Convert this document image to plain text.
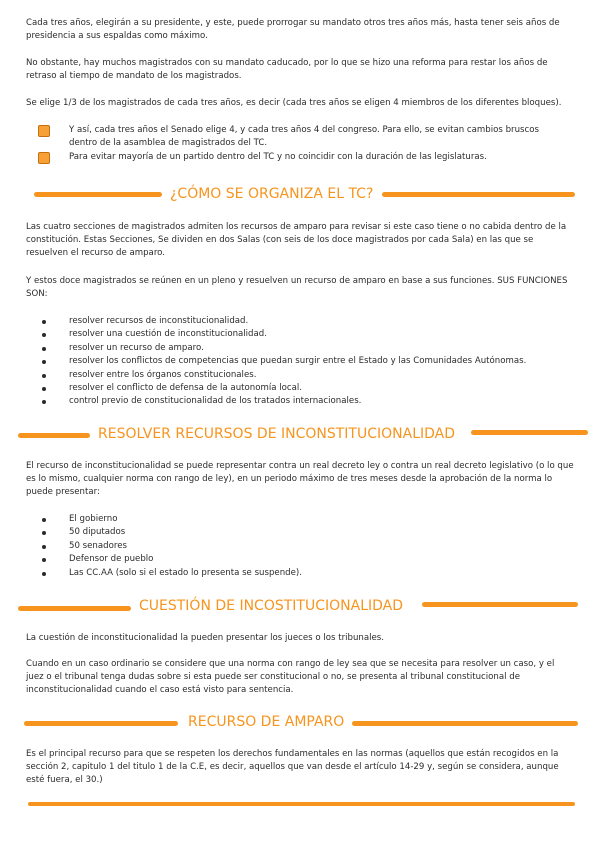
Cada tres años, elegirán a su presidente, y este, puede prorrogar su mandato otros tres años más, hasta tener seis años de presidencia a sus espaldas como máximo.

No obstante, hay muchos magistrados con su mandato caducado, por lo que se hizo una reforma para restar los años de retraso al tiempo de mandato de los magistrados.

Se elige 1/3 de los magistrados de cada tres años, es decir (cada tres años se eligen 4 miembros de los diferentes bloques).

Y así, cada tres años el Senado elige 4, y cada tres años 4 del congreso. Para ello, se evitan cambios bruscos dentro de la asamblea de magistrados del TC.
Para evitar mayoría de un partido dentro del TC y no coincidir con la duración de las legislaturas.
¿CÓMO SE ORGANIZA EL TC?

Las cuatro secciones de magistrados admiten los recursos de amparo para revisar si este caso tiene o no cabida dentro de la constitución. Estas Secciones, Se dividen en dos Salas (con seis de los doce magistrados por cada Sala) en las que se resuelven el recurso de amparo.

Y estos doce magistrados se reúnen en un pleno y resuelven un recurso de amparo en base a sus funciones. SUS FUNCIONES SON:

resolver recursos de inconstitucionalidad.
resolver una cuestión de inconstitucionalidad.
resolver un recurso de amparo.
resolver los conflictos de competencias que puedan surgir entre el Estado y las Comunidades Autónomas.
resolver entre los órganos constitucionales.
resolver el conflicto de defensa de la autonomía local.
control previo de constitucionalidad de los tratados internacionales.
RESOLVER RECURSOS DE INCONSTITUCIONALIDAD

El recurso de inconstitucionalidad se puede representar contra un real decreto ley o contra un real decreto legislativo (o lo que es lo mismo, cualquier norma con rango de ley), en un periodo máximo de tres meses desde la aprobación de la norma lo puede presentar:

El gobierno
50 diputados
50 senadores
Defensor de pueblo
Las CC.AA (solo si el estado lo presenta se suspende).
CUESTIÓN DE INCOSTITUCIONALIDAD

La cuestión de inconstitucionalidad la pueden presentar los jueces o los tribunales.

Cuando en un caso ordinario se considere que una norma con rango de ley sea que se necesita para resolver un caso, y el juez o el tribunal tenga dudas sobre si esta puede ser constitucional o no, se presenta al tribunal constitucional de inconstitucionalidad cuando el caso está visto para sentencia.

RECURSO DE AMPARO

Es el principal recurso para que se respeten los derechos fundamentales en las normas (aquellos que están recogidos en la sección 2, capitulo 1 del titulo 1 de la C.E, es decir, aquellos que van desde el artículo 14-29 y, según se considera, aunque esté fuera, el 30.)
